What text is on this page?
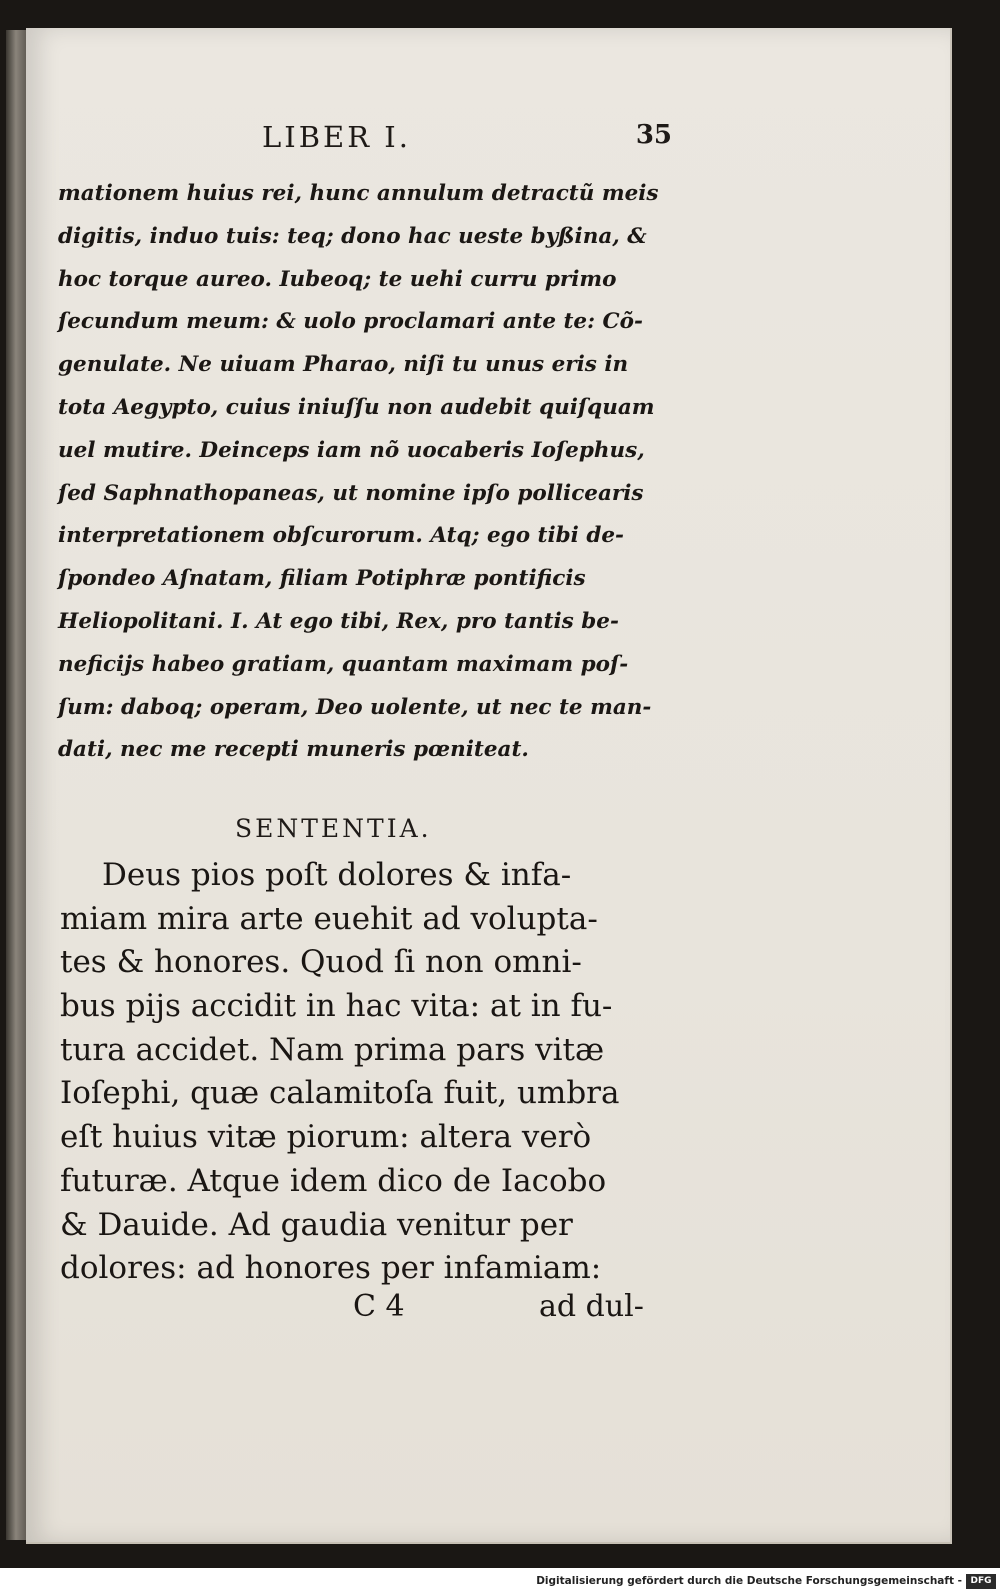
LIBER I.	35
mationem huius rei, hunc annulum detractũ meis
digitis, induo tuis: teq; dono hac ueste byßina, &
hoc torque aureo. Iubeoq; te uehi curru primo
ſecundum meum: & uolo proclamari ante te: Cõ-
genulate. Ne uiuam Pharao, niſi tu unus eris in
tota Aegypto, cuius iniuſſu non audebit quiſquam
uel mutire. Deinceps iam nõ uocaberis Ioſephus,
ſed Saphnathopaneas, ut nomine ipſo pollicearis
interpretationem obſcurorum. Atq; ego tibi de-
ſpondeo Aſnatam, filiam Potiphræ pontificis
Heliopolitani. I. At ego tibi, Rex, pro tantis be-
neficijs habeo gratiam, quantam maximam poſ-
ſum: daboq; operam, Deo uolente, ut nec te man-
dati, nec me recepti muneris pœniteat.
SENTENTIA.
Deus pios poſt dolores & infa-
miam mira arte euehit ad volupta-
tes & honores. Quod ſi non omni-
bus pijs accidit in hac vita: at in fu-
tura accidet. Nam prima pars vitæ
Ioſephi, quæ calamitoſa fuit, umbra
eſt huius vitæ piorum: altera verò
futuræ. Atque idem dico de Iacobo
& Dauide. Ad gaudia venitur per
dolores: ad honores per infamiam:
C 4	ad dul-
Digitalisierung gefördert durch die Deutsche Forschungsgemeinschaft - DFG
